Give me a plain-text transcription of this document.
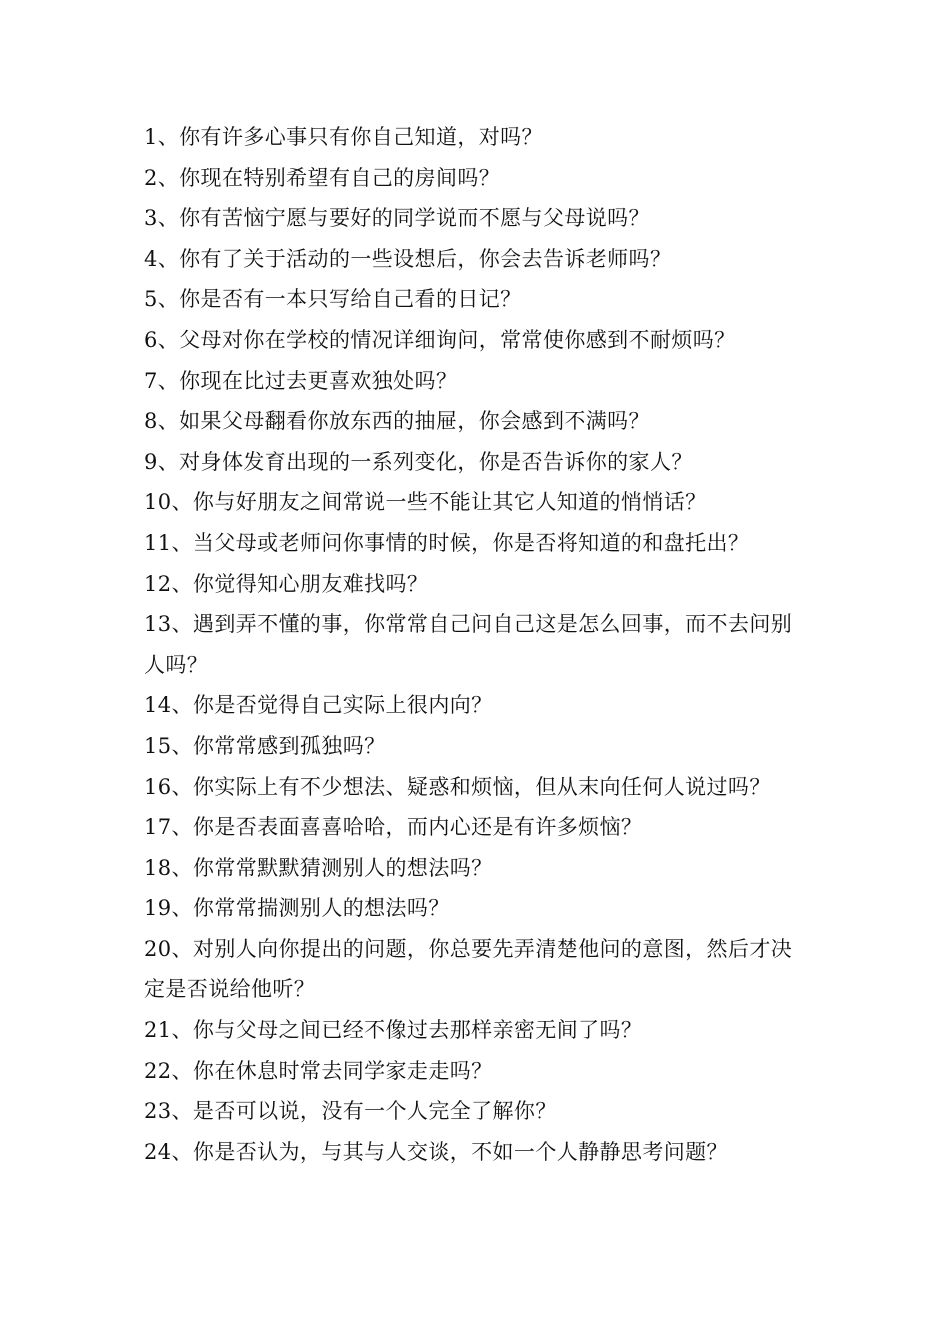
1、你有许多心事只有你自己知道，对吗？
2、你现在特别希望有自己的房间吗？
3、你有苦恼宁愿与要好的同学说而不愿与父母说吗？
4、你有了关于活动的一些设想后，你会去告诉老师吗？
5、你是否有一本只写给自己看的日记？
6、父母对你在学校的情况详细询问，常常使你感到不耐烦吗？
7、你现在比过去更喜欢独处吗？
8、如果父母翻看你放东西的抽屉，你会感到不满吗？
9、对身体发育出现的一系列变化，你是否告诉你的家人？
10、你与好朋友之间常说一些不能让其它人知道的悄悄话？
11、当父母或老师问你事情的时候，你是否将知道的和盘托出？
12、你觉得知心朋友难找吗？
13、遇到弄不懂的事，你常常自己问自己这是怎么回事，而不去问别人吗？
14、你是否觉得自己实际上很内向？
15、你常常感到孤独吗？
16、你实际上有不少想法、疑惑和烦恼，但从末向任何人说过吗？
17、你是否表面喜喜哈哈，而内心还是有许多烦恼？
18、你常常默默猜测别人的想法吗？
19、你常常揣测别人的想法吗？
20、对别人向你提出的问题，你总要先弄清楚他问的意图，然后才决定是否说给他听？
21、你与父母之间已经不像过去那样亲密无间了吗？
22、你在休息时常去同学家走走吗？
23、是否可以说，没有一个人完全了解你？
24、你是否认为，与其与人交谈，不如一个人静静思考问题？
